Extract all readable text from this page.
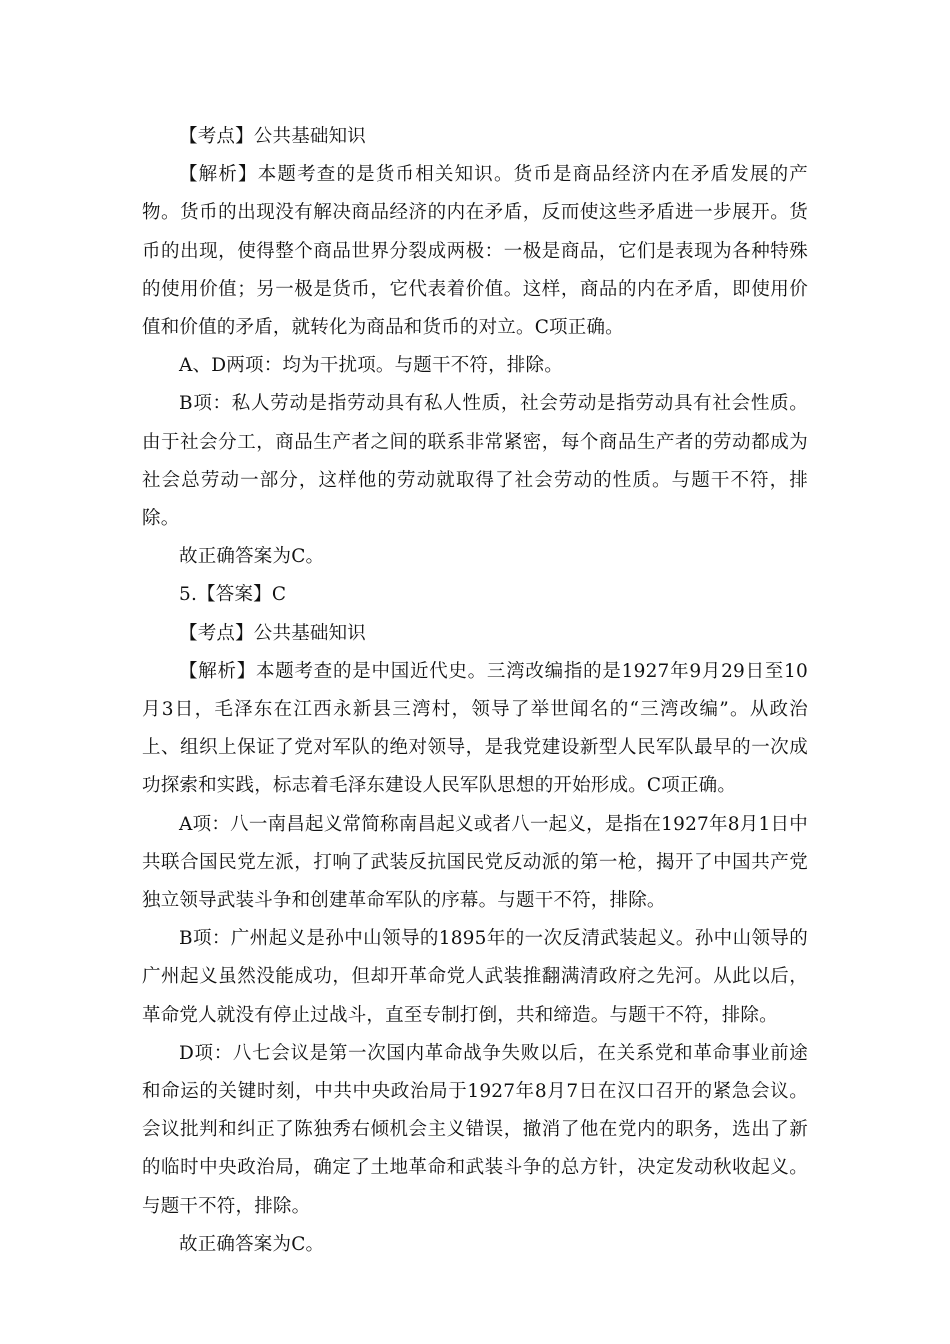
【考点】公共基础知识

【解析】本题考查的是货币相关知识。货币是商品经济内在矛盾发展的产物。货币的出现没有解决商品经济的内在矛盾，反而使这些矛盾进一步展开。货币的出现，使得整个商品世界分裂成两极：一极是商品，它们是表现为各种特殊的使用价值；另一极是货币，它代表着价值。这样，商品的内在矛盾，即使用价值和价值的矛盾，就转化为商品和货币的对立。C项正确。

A、D两项：均为干扰项。与题干不符，排除。

B项：私人劳动是指劳动具有私人性质，社会劳动是指劳动具有社会性质。由于社会分工，商品生产者之间的联系非常紧密，每个商品生产者的劳动都成为社会总劳动一部分，这样他的劳动就取得了社会劳动的性质。与题干不符，排除。

故正确答案为C。

5.【答案】C

【考点】公共基础知识

【解析】本题考查的是中国近代史。三湾改编指的是1927年9月29日至10月3日，毛泽东在江西永新县三湾村，领导了举世闻名的“三湾改编”。从政治上、组织上保证了党对军队的绝对领导，是我党建设新型人民军队最早的一次成功探索和实践，标志着毛泽东建设人民军队思想的开始形成。C项正确。

A项：八一南昌起义常简称南昌起义或者八一起义，是指在1927年8月1日中共联合国民党左派，打响了武装反抗国民党反动派的第一枪，揭开了中国共产党独立领导武装斗争和创建革命军队的序幕。与题干不符，排除。

B项：广州起义是孙中山领导的1895年的一次反清武装起义。孙中山领导的广州起义虽然没能成功，但却开革命党人武装推翻满清政府之先河。从此以后，革命党人就没有停止过战斗，直至专制打倒，共和缔造。与题干不符，排除。

D项：八七会议是第一次国内革命战争失败以后，在关系党和革命事业前途和命运的关键时刻，中共中央政治局于1927年8月7日在汉口召开的紧急会议。会议批判和纠正了陈独秀右倾机会主义错误，撤消了他在党内的职务，选出了新的临时中央政治局，确定了土地革命和武装斗争的总方针，决定发动秋收起义。与题干不符，排除。

故正确答案为C。
